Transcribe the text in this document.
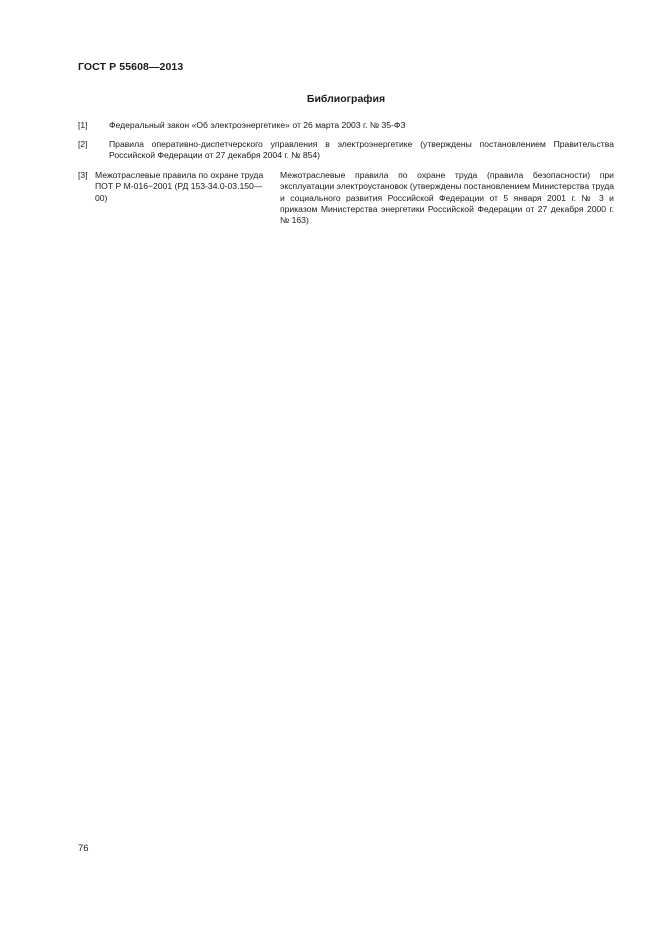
ГОСТ Р 55608—2013
Библиография
[1] Федеральный закон «Об электроэнергетике» от 26 марта 2003 г. № 35-ФЗ
[2] Правила оперативно-диспетчерского управления в электроэнергетике (утверждены постановлением Правительства Российской Федерации от 27 декабря 2004 г. № 854)
[3] Межотраслевые правила по охране труда ПОТ Р М-016−2001 (РД 153-34.0-03.150—00)
Межотраслевые правила по охране труда (правила безопасности) при эксплуатации электроустановок (утверждены постановлением Министерства труда и социального развития Российской Федерации от 5 января 2001 г. № 3 и приказом Министерства энергетики Российской Федерации от 27 декабря 2000 г. № 163)
76
